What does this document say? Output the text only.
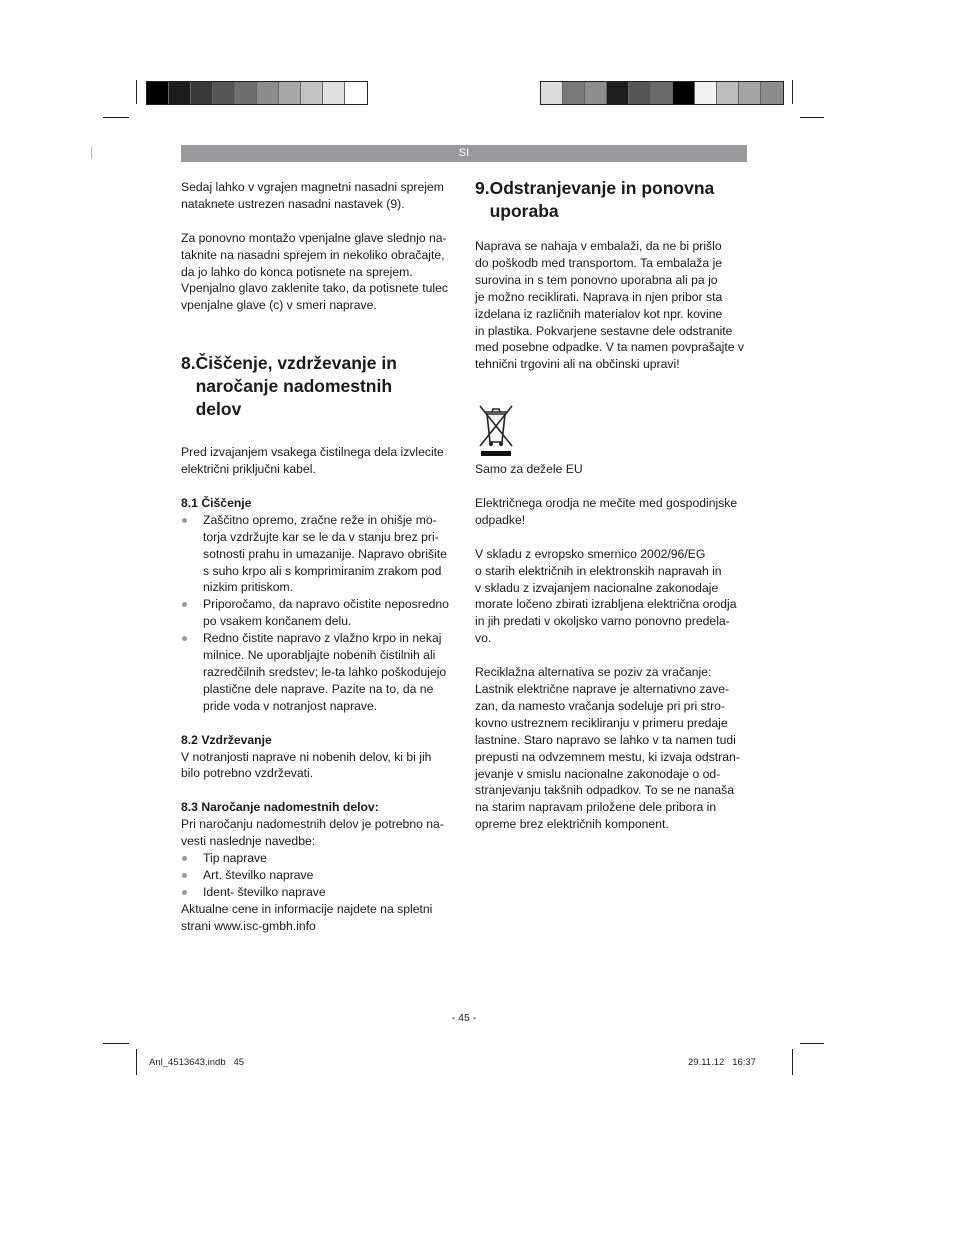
SI

Sedaj lahko v vgrajen magnetni nasadni sprejem
nataknete ustrezen nasadni nastavek (9).

Za ponovno montažo vpenjalne glave slednjo na-
taknite na nasadni sprejem in nekoliko obračajte,
da jo lahko do konca potisnete na sprejem.
Vpenjalno glavo zaklenite tako, da potisnete tulec
vpenjalne glave (c) v smeri naprave.

8. Čiščenje, vzdrževanje in
naročanje nadomestnih
delov

Pred izvajanjem vsakega čistilnega dela izvlecite
električni priključni kabel.

8.1 Čiščenje

Zaščitno opremo, zračne reže in ohišje mo-
torja vzdržujte kar se le da v stanju brez pri-
sotnosti prahu in umazanije. Napravo obrišite
s suho krpo ali s komprimiranim zrakom pod
nizkim pritiskom.
Priporočamo, da napravo očistite neposredno
po vsakem končanem delu.
Redno čistite napravo z vlažno krpo in nekaj
milnice. Ne uporabljajte nobenih čistilnih ali
razredčilnih sredstev; le-ta lahko poškodujejo
plastične dele naprave. Pazite na to, da ne
pride voda v notranjost naprave.

8.2 Vzdrževanje

V notranjosti naprave ni nobenih delov, ki bi jih
bilo potrebno vzdrževati.

8.3 Naročanje nadomestnih delov:

Pri naročanju nadomestnih delov je potrebno na-
vesti naslednje navedbe:

Tip naprave
Art. številko naprave
Ident- številko naprave

Aktualne cene in informacije najdete na spletni
strani www.isc-gmbh.info

9. Odstranjevanje in ponovna
uporaba

Naprava se nahaja v embalaži, da ne bi prišlo
do poškodb med transportom. Ta embalaža je
surovina in s tem ponovno uporabna ali pa jo
je možno reciklirati. Naprava in njen pribor sta
izdelana iz različnih materialov kot npr. kovine
in plastika. Pokvarjene sestavne dele odstranite
med posebne odpadke. V ta namen povprašajte v
tehnični trgovini ali na občinski upravi!

Samo za dežele EU

Električnega orodja ne mečite med gospodinjske
odpadke!

V skladu z evropsko smernico 2002/96/EG
o starih električnih in elektronskih napravah in
v skladu z izvajanjem nacionalne zakonodaje
morate ločeno zbirati izrabljena električna orodja
in jih predati v okoljsko varno ponovno predela-
vo.

Reciklažna alternativa se poziv za vračanje:
Lastnik električne naprave je alternativno zave-
zan, da namesto vračanja sodeluje pri pri stro-
kovno ustreznem recikliranju v primeru predaje
lastnine. Staro napravo se lahko v ta namen tudi
prepusti na odvzemnem mestu, ki izvaja odstran-
jevanje v smislu nacionalne zakonodaje o od-
stranjevanju takšnih odpadkov. To se ne nanaša
na starim napravam priložene dele pribora in
opreme brez električnih komponent.

- 45 -
Anl_4513643.indb   45	29.11.12   16:37
